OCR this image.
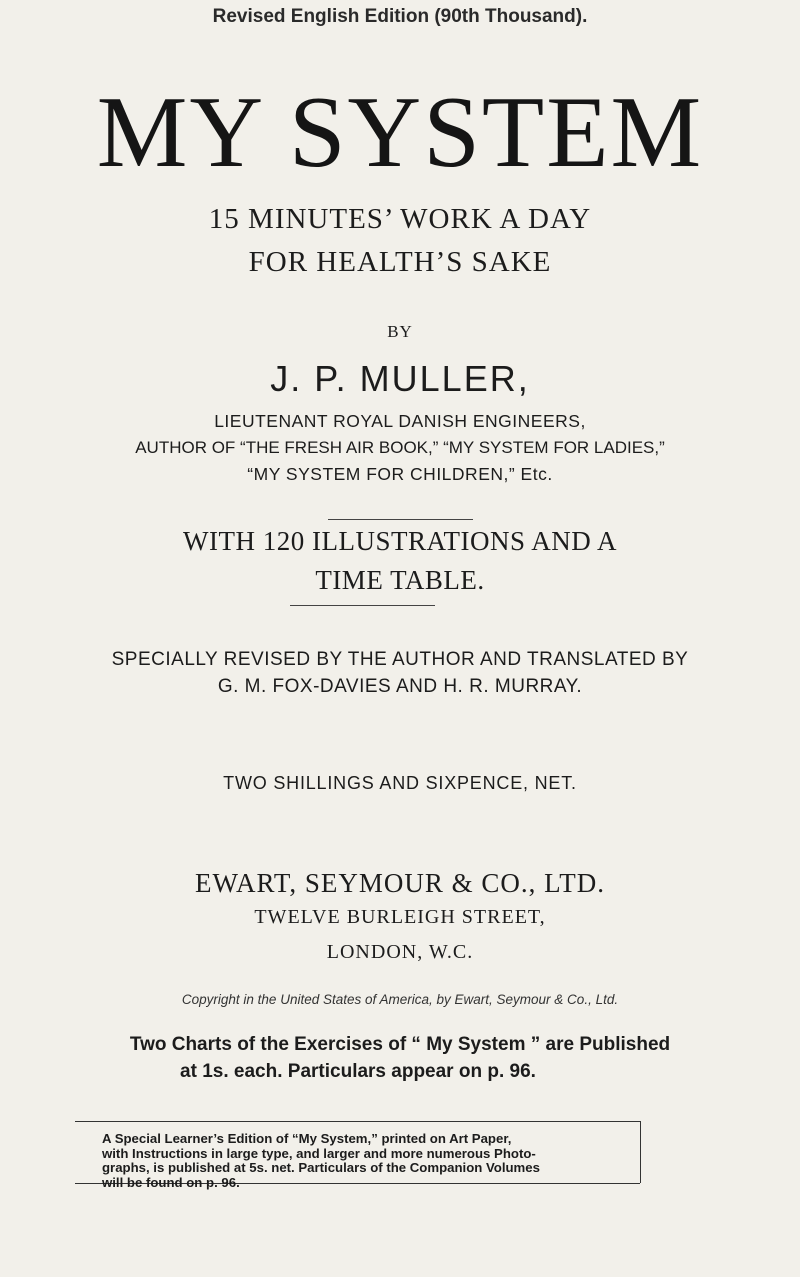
Revised English Edition (90th Thousand).
MY SYSTEM
15 MINUTES’ WORK A DAY
FOR HEALTH’S SAKE
BY
J. P. MULLER,
LIEUTENANT ROYAL DANISH ENGINEERS,
AUTHOR OF “THE FRESH AIR BOOK,” “MY SYSTEM FOR LADIES,”
“MY SYSTEM FOR CHILDREN,” Etc.
WITH 120 ILLUSTRATIONS AND A
TIME TABLE.
SPECIALLY REVISED BY THE AUTHOR AND TRANSLATED BY
G. M. FOX-DAVIES AND H. R. MURRAY.
TWO SHILLINGS AND SIXPENCE, NET.
EWART, SEYMOUR & CO., LTD.
TWELVE BURLEIGH STREET,
LONDON, W.C.
Copyright in the United States of America, by Ewart, Seymour & Co., Ltd.
Two Charts of the Exercises of “ My System ” are Published
at 1s. each. Particulars appear on p. 96.
A Special Learner’s Edition of “My System,” printed on Art Paper,
with Instructions in large type, and larger and more numerous Photo-
graphs, is published at 5s. net. Particulars of the Companion Volumes
will be found on p. 96.
